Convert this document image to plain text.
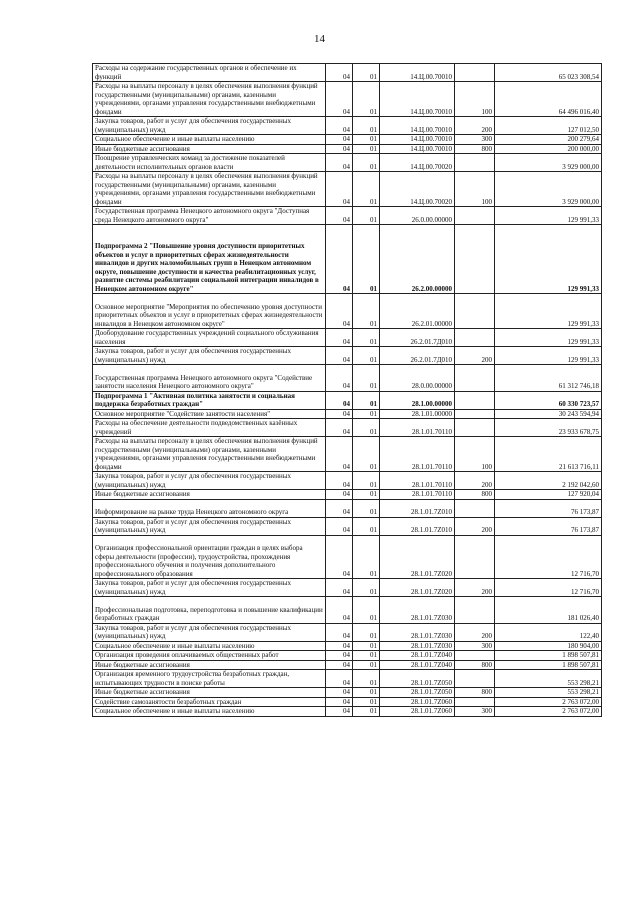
14
Расходы на содержание государственных органов и обеспечение их функций	04	01	14.Ц.00.70010		65 023 308,54
Расходы на выплаты персоналу в целях обеспечения выполнения функций государственными (муниципальными) органами, казенными учреждениями, органами управления государственными внебюджетными фондами	04	01	14.Ц.00.70010	100	64 496 016,40
Закупка товаров, работ и услуг для обеспечения государственных (муниципальных) нужд	04	01	14.Ц.00.70010	200	127 012,50
Социальное обеспечение и иные выплаты населению	04	01	14.Ц.00.70010	300	200 279,64
Иные бюджетные ассигнования	04	01	14.Ц.00.70010	800	200 000,00
Поощрение управленческих команд за достижение показателей деятельности исполнительных органов власти	04	01	14.Ц.00.70020		3 929 000,00
Расходы на выплаты персоналу в целях обеспечения выполнения функций государственными (муниципальными) органами, казенными учреждениями, органами управления государственными внебюджетными фондами	04	01	14.Ц.00.70020	100	3 929 000,00
Государственная программа Ненецкого автономного округа "Доступная среда Ненецкого автономного округа"	04	01	26.0.00.00000		129 991,33
Подпрограмма 2 "Повышение уровня доступности приоритетных объектов и услуг в приоритетных сферах жизнедеятельности инвалидов и других маломобильных групп в Ненецком автономном округе, повышение доступности и качества реабилитационных услуг, развитие системы реабилитации социальной интеграции инвалидов в Ненецком автономном округе"	04	01	26.2.00.00000		129 991,33
Основное мероприятие "Мероприятия по обеспечению уровня доступности приоритетных объектов и услуг в приоритетных сферах жизнедеятельности инвалидов в Ненецком автономном округе"	04	01	26.2.01.00000		129 991,33
Дооборудование государственных учреждений социального обслуживания населения	04	01	26.2.01.7Д010		129 991,33
Закупка товаров, работ и услуг для обеспечения государственных (муниципальных) нужд	04	01	26.2.01.7Д010	200	129 991,33
Государственная программа Ненецкого автономного округа "Содействие занятости населения Ненецкого автономного округа"	04	01	28.0.00.00000		61 312 746,18
Подпрограмма 1 "Активная политика занятости и социальная поддержка безработных граждан"	04	01	28.1.00.00000		60 330 723,57
Основное мероприятие "Содействие занятости населения"	04	01	28.1.01.00000		30 243 594,94
Расходы на обеспечение деятельности подведомственных казённых учреждений	04	01	28.1.01.70110		23 933 678,75
Расходы на выплаты персоналу в целях обеспечения выполнения функций государственными (муниципальными) органами, казенными учреждениями, органами управления государственными внебюджетными фондами	04	01	28.1.01.70110	100	21 613 716,11
Закупка товаров, работ и услуг для обеспечения государственных (муниципальных) нужд	04	01	28.1.01.70110	200	2 192 042,60
Иные бюджетные ассигнования	04	01	28.1.01.70110	800	127 920,04
Информирование на рынке труда Ненецкого автономного округа	04	01	28.1.01.7Z010		76 173,87
Закупка товаров, работ и услуг для обеспечения государственных (муниципальных) нужд	04	01	28.1.01.7Z010	200	76 173,87
Организация профессиональной ориентации граждан в целях выбора сферы деятельности (профессии), трудоустройства, прохождения профессионального обучения и получения дополнительного профессионального образования	04	01	28.1.01.7Z020		12 716,70
Закупка товаров, работ и услуг для обеспечения государственных (муниципальных) нужд	04	01	28.1.01.7Z020	200	12 716,70
Профессиональная подготовка, переподготовка и повышение квалификации безработных граждан	04	01	28.1.01.7Z030		181 026,40
Закупка товаров, работ и услуг для обеспечения государственных (муниципальных) нужд	04	01	28.1.01.7Z030	200	122,40
Социальное обеспечение и иные выплаты населению	04	01	28.1.01.7Z030	300	180 904,00
Организация проведения оплачиваемых общественных работ	04	01	28.1.01.7Z040		1 898 507,81
Иные бюджетные ассигнования	04	01	28.1.01.7Z040	800	1 898 507,81
Организация временного трудоустройства безработных граждан, испытывающих трудности в поиске работы	04	01	28.1.01.7Z050		553 298,21
Иные бюджетные ассигнования	04	01	28.1.01.7Z050	800	553 298,21
Содействие самозанятости безработных граждан	04	01	28.1.01.7Z060		2 763 072,00
Социальное обеспечение и иные выплаты населению	04	01	28.1.01.7Z060	300	2 763 072,00
